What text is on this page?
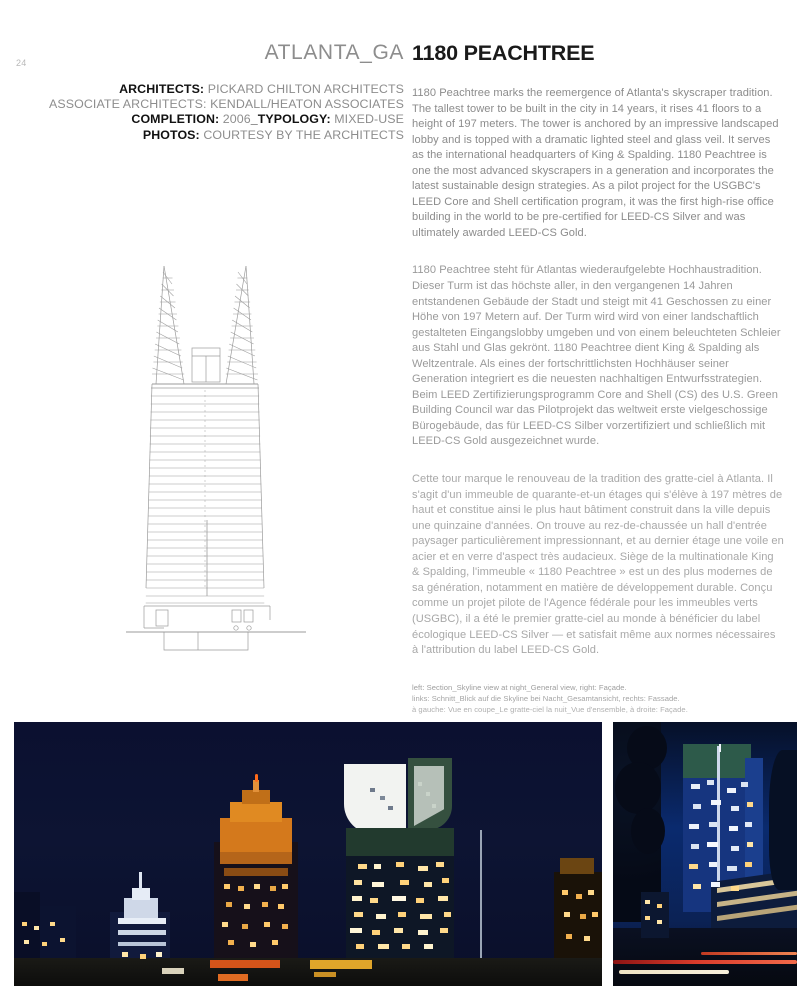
24	ATLANTA_GA 1180 PEACHTREE
ARCHITECTS: PICKARD CHILTON ARCHITECTS
ASSOCIATE ARCHITECTS: KENDALL/HEATON ASSOCIATES
COMPLETION: 2006_TYPOLOGY: MIXED-USE
PHOTOS: COURTESY BY THE ARCHITECTS

1180 Peachtree marks the reemergence of Atlanta's skyscraper tradition. The tallest tower to be built in the city in 14 years, it rises 41 floors to a height of 197 meters. The tower is anchored by an impressive landscaped lobby and is topped with a dramatic lighted steel and glass veil. It serves as the international headquarters of King & Spalding. 1180 Peachtree is one the most advanced skyscrapers in a generation and incorporates the latest sustainable design strategies. As a pilot project for the USGBC's LEED Core and Shell certification program, it was the first high-rise office building in the world to be pre-certified for LEED-CS Silver and was ultimately awarded LEED-CS Gold.

1180 Peachtree steht für Atlantas wiederaufgelebte Hochhaustradition. Dieser Turm ist das höchste aller, in den vergangenen 14 Jahren entstandenen Gebäude der Stadt und steigt mit 41 Geschossen zu einer Höhe von 197 Metern auf. Der Turm wird wird von einer landschaftlich gestalteten Eingangslobby umgeben und von einem beleuchteten Schleier aus Stahl und Glas gekrönt. 1180 Peachtree dient King & Spalding als Weltzentrale. Als eines der fortschrittlichsten Hochhäuser seiner Generation integriert es die neuesten nachhaltigen Entwurfsstrategien. Beim LEED Zertifizierungsprogramm Core and Shell (CS) des U.S. Green Building Council war das Pilotprojekt das weltweit erste vielgeschossige Bürogebäude, das für LEED-CS Silber vorzertifiziert und schließlich mit LEED-CS Gold ausgezeichnet wurde.

Cette tour marque le renouveau de la tradition des gratte-ciel à Atlanta. Il s'agit d'un immeuble de quarante-et-un étages qui s'élève à 197 mètres de haut et constitue ainsi le plus haut bâtiment construit dans la ville depuis une quinzaine d'années. On trouve au rez-de-chaussée un hall d'entrée paysager particulièrement impressionnant, et au dernier étage une voile en acier et en verre d'aspect très audacieux. Siège de la multinationale King & Spalding, l'immeuble « 1180 Peachtree » est un des plus modernes de sa génération, notamment en matière de développement durable. Conçu comme un projet pilote de l'Agence fédérale pour les immeubles verts (USGBC), il a été le premier gratte-ciel au monde à bénéficier du label écologique LEED-CS Silver — et satisfait même aux normes nécessaires à l'attribution du label LEED-CS Gold.

left: Section_Skyline view at night_General view, right: Façade.
links: Schnitt_Blick auf die Skyline bei Nacht_Gesamtansicht, rechts: Fassade.
à gauche: Vue en coupe_Le gratte-ciel la nuit_Vue d'ensemble, à droite: Façade.
